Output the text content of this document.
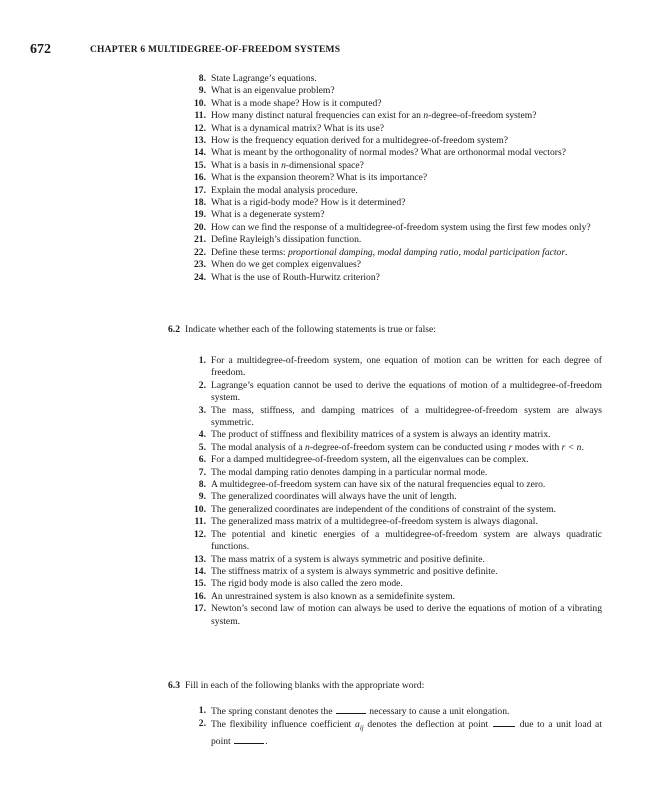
672	CHAPTER 6 MULTIDEGREE-OF-FREEDOM SYSTEMS
8. State Lagrange’s equations.
9. What is an eigenvalue problem?
10. What is a mode shape? How is it computed?
11. How many distinct natural frequencies can exist for an n-degree-of-freedom system?
12. What is a dynamical matrix? What is its use?
13. How is the frequency equation derived for a multidegree-of-freedom system?
14. What is meant by the orthogonality of normal modes? What are orthonormal modal vectors?
15. What is a basis in n-dimensional space?
16. What is the expansion theorem? What is its importance?
17. Explain the modal analysis procedure.
18. What is a rigid-body mode? How is it determined?
19. What is a degenerate system?
20. How can we find the response of a multidegree-of-freedom system using the first few modes only?
21. Define Rayleigh’s dissipation function.
22. Define these terms: proportional damping, modal damping ratio, modal participation factor.
23. When do we get complex eigenvalues?
24. What is the use of Routh-Hurwitz criterion?
6.2 Indicate whether each of the following statements is true or false:
1. For a multidegree-of-freedom system, one equation of motion can be written for each degree of freedom.
2. Lagrange’s equation cannot be used to derive the equations of motion of a multidegree-of-freedom system.
3. The mass, stiffness, and damping matrices of a multidegree-of-freedom system are always symmetric.
4. The product of stiffness and flexibility matrices of a system is always an identity matrix.
5. The modal analysis of a n-degree-of-freedom system can be conducted using r modes with r < n.
6. For a damped multidegree-of-freedom system, all the eigenvalues can be complex.
7. The modal damping ratio denotes damping in a particular normal mode.
8. A multidegree-of-freedom system can have six of the natural frequencies equal to zero.
9. The generalized coordinates will always have the unit of length.
10. The generalized coordinates are independent of the conditions of constraint of the system.
11. The generalized mass matrix of a multidegree-of-freedom system is always diagonal.
12. The potential and kinetic energies of a multidegree-of-freedom system are always quadratic functions.
13. The mass matrix of a system is always symmetric and positive definite.
14. The stiffness matrix of a system is always symmetric and positive definite.
15. The rigid body mode is also called the zero mode.
16. An unrestrained system is also known as a semidefinite system.
17. Newton’s second law of motion can always be used to derive the equations of motion of a vibrating system.
6.3 Fill in each of the following blanks with the appropriate word:
1. The spring constant denotes the	necessary to cause a unit elongation.
2. The flexibility influence coefficient $a_{ij}$ denotes the deflection at point	due to a unit load at point	.
